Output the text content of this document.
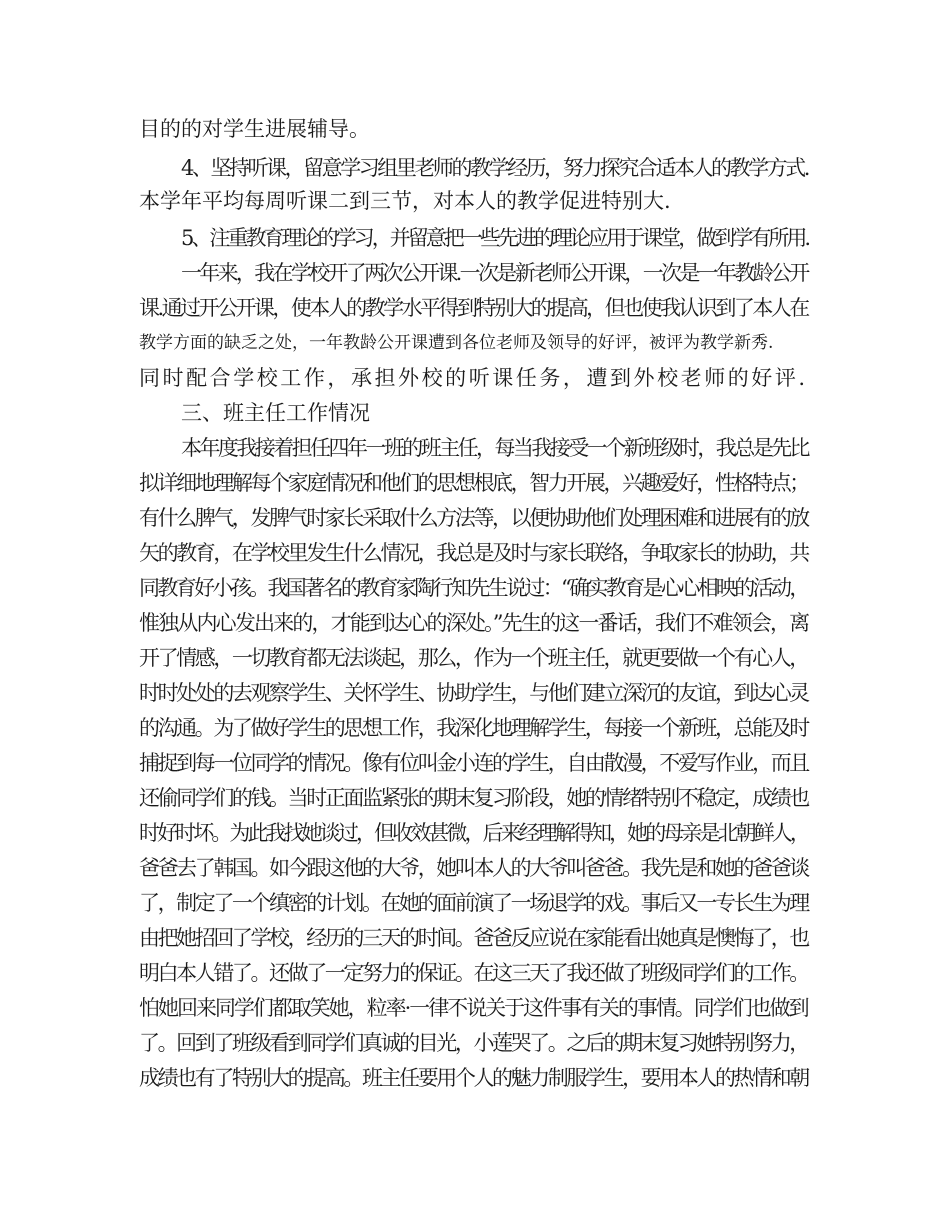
目的的对学生进展辅导。
4、坚持听课，留意学习组里老师的教学经历，努力探究合适本人的教学方式.
本学年平均每周听课二到三节，对本人的教学促进特别大.
5、注重教育理论的学习，并留意把一些先进的理论应用于课堂，做到学有所用.
一年来，我在学校开了两次公开课.一次是新老师公开课，一次是一年教龄公开
课.通过开公开课，使本人的教学水平得到特别大的提高，但也使我认识到了本人在
教学方面的缺乏之处，一年教龄公开课遭到各位老师及领导的好评，被评为教学新秀.
同时配合学校工作，承担外校的听课任务，遭到外校老师的好评.
三、班主任工作情况
本年度我接着担任四年一班的班主任，每当我接受一个新班级时，我总是先比
拟详细地理解每个家庭情况和他们的思想根底，智力开展，兴趣爱好，性格特点；
有什么脾气，发脾气时家长采取什么方法等，以便协助他们处理困难和进展有的放
矢的教育，在学校里发生什么情况，我总是及时与家长联络，争取家长的协助，共
同教育好小孩。我国著名的教育家陶行知先生说过：“确实教育是心心相映的活动，
惟独从内心发出来的，才能到达心的深处。”先生的这一番话，我们不难领会，离
开了情感，一切教育都无法谈起，那么，作为一个班主任，就更要做一个有心人，
时时处处的去观察学生、关怀学生、协助学生，与他们建立深沉的友谊，到达心灵
的沟通。为了做好学生的思想工作，我深化地理解学生，每接一个新班，总能及时
捕捉到每一位同学的情况。像有位叫金小连的学生，自由散漫，不爱写作业，而且
还偷同学们的钱。当时正面监紧张的期末复习阶段，她的情绪特别不稳定，成绩也
时好时坏。为此我找她谈过，但收效甚微，后来经理解得知，她的母亲是北朝鲜人，
爸爸去了韩国。如今跟这他的大爷，她叫本人的大爷叫爸爸。我先是和她的爸爸谈
了，制定了一个缜密的计划。在她的面前演了一场退学的戏。事后又一专长生为理
由把她招回了学校，经历的三天的时间。爸爸反应说在家能看出她真是懊悔了，也
明白本人错了。还做了一定努力的保证。在这三天了我还做了班级同学们的工作。
怕她回来同学们都取笑她，粒率·一律不说关于这件事有关的事情。同学们也做到
了。回到了班级看到同学们真诚的目光，小莲哭了。之后的期末复习她特别努力，
成绩也有了特别大的提高。班主任要用个人的魅力制服学生，要用本人的热情和朝
